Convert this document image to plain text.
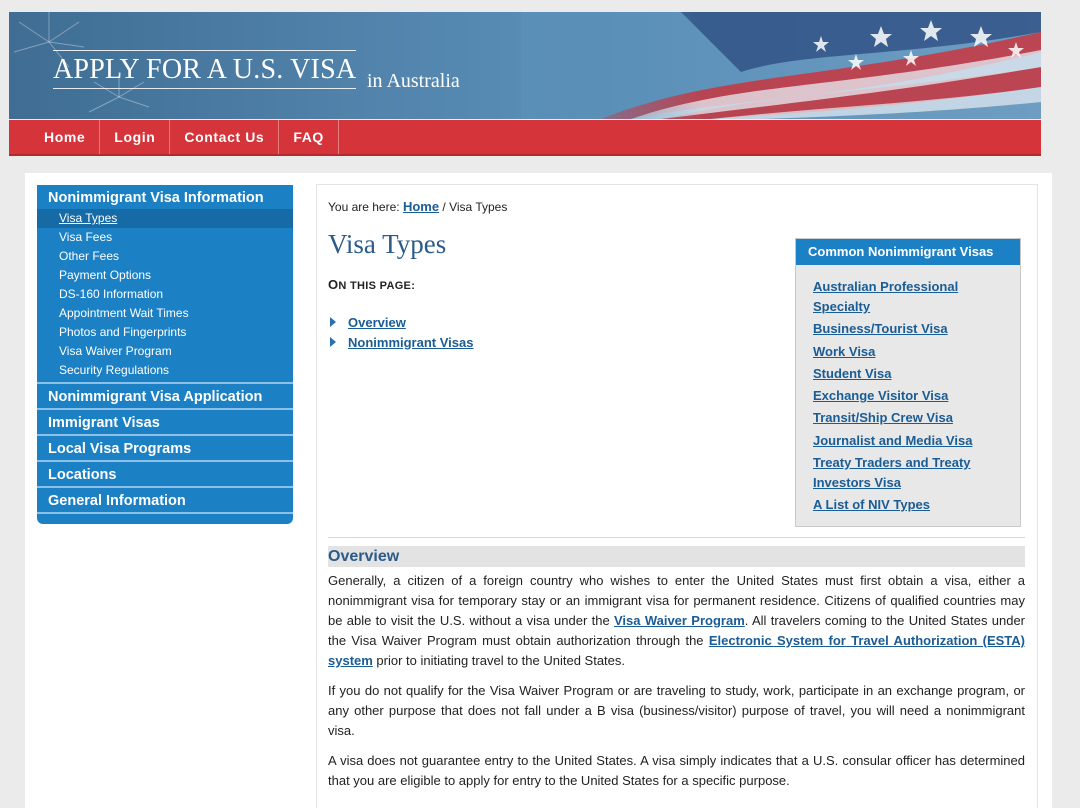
APPLY FOR A U.S. VISA in Australia
Home	Login	Contact Us	FAQ
Nonimmigrant Visa Information
Visa Types
Visa Fees
Other Fees
Payment Options
DS-160 Information
Appointment Wait Times
Photos and Fingerprints
Visa Waiver Program
Security Regulations
Nonimmigrant Visa Application
Immigrant Visas
Local Visa Programs
Locations
General Information
You are here: Home / Visa Types
Visa Types
ON THIS PAGE:
Overview
Nonimmigrant Visas
Common Nonimmigrant Visas
Australian Professional Specialty
Business/Tourist Visa
Work Visa
Student Visa
Exchange Visitor Visa
Transit/Ship Crew Visa
Journalist and Media Visa
Treaty Traders and Treaty Investors Visa
A List of NIV Types
Overview

Generally, a citizen of a foreign country who wishes to enter the United States must first obtain a visa, either a nonimmigrant visa for temporary stay or an immigrant visa for permanent residence. Citizens of qualified countries may be able to visit the U.S. without a visa under the Visa Waiver Program. All travelers coming to the United States under the Visa Waiver Program must obtain authorization through the Electronic System for Travel Authorization (ESTA) system prior to initiating travel to the United States.

If you do not qualify for the Visa Waiver Program or are traveling to study, work, participate in an exchange program, or any other purpose that does not fall under a B visa (business/visitor) purpose of travel, you will need a nonimmigrant visa.

A visa does not guarantee entry to the United States. A visa simply indicates that a U.S. consular officer has determined that you are eligible to apply for entry to the United States for a specific purpose.
